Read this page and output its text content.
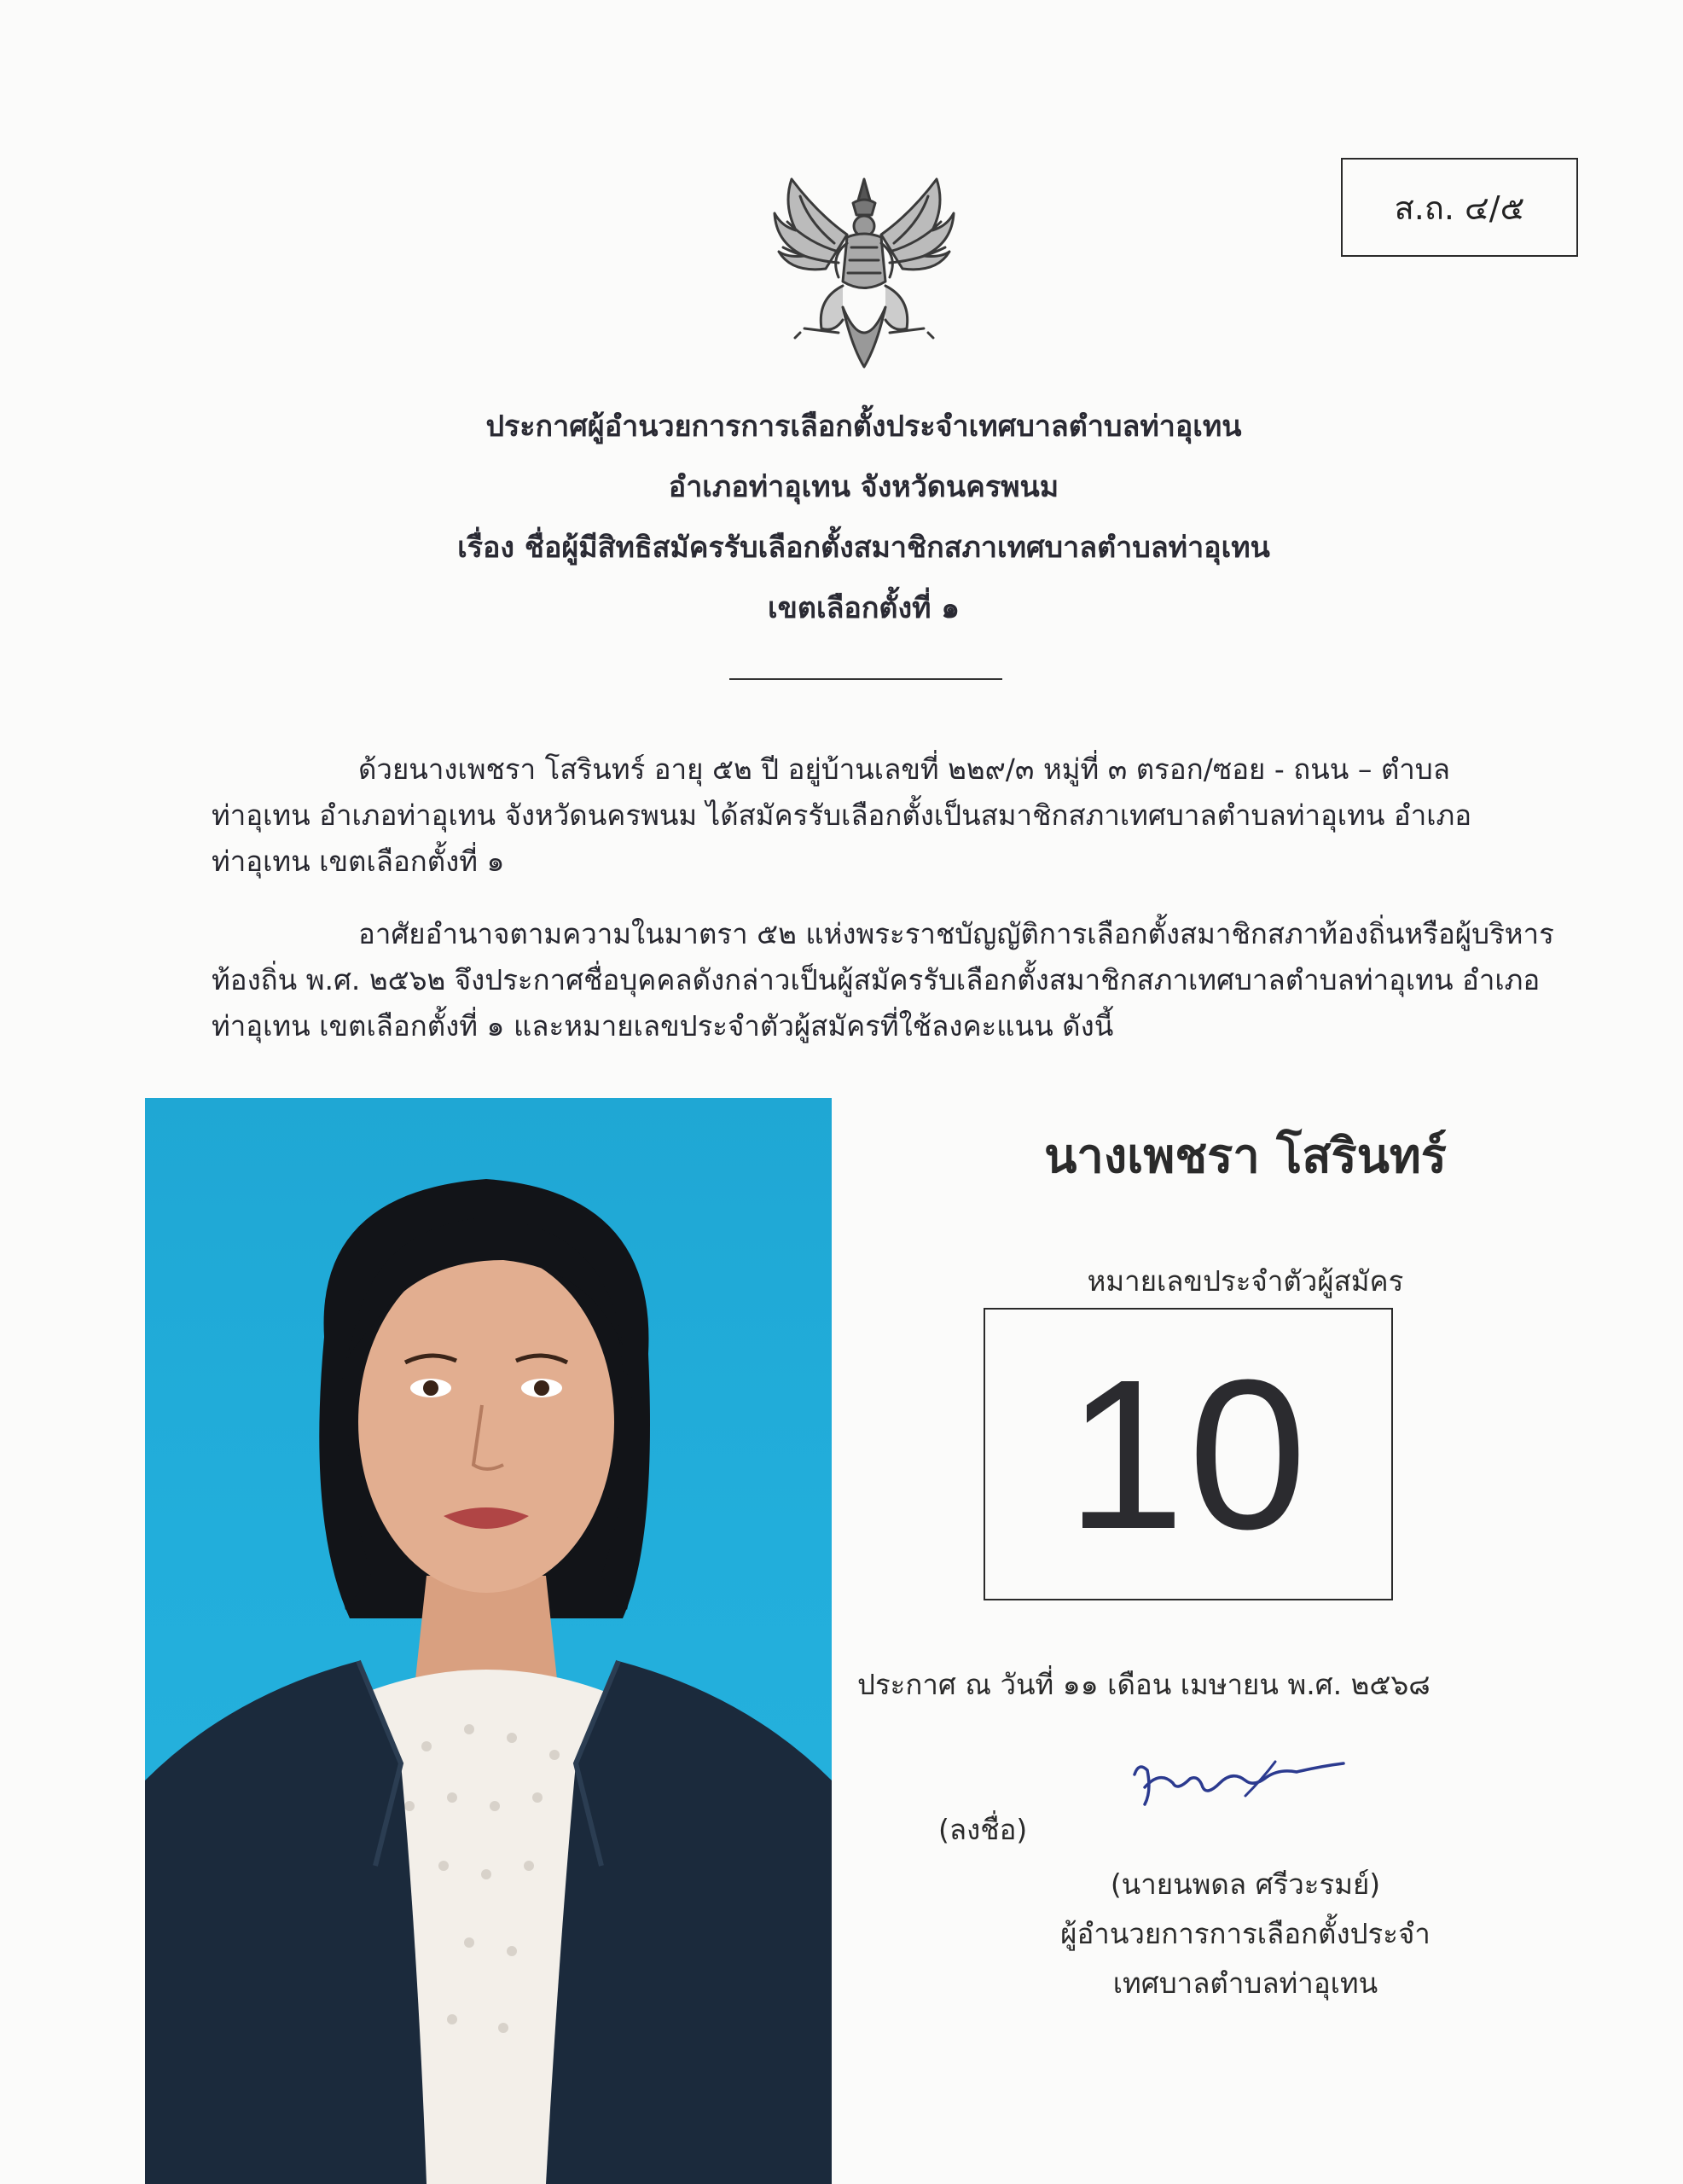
ส.ถ. ๔/๕
ประกาศผู้อำนวยการการเลือกตั้งประจำเทศบาลตำบลท่าอุเทน
อำเภอท่าอุเทน จังหวัดนครพนม
เรื่อง ชื่อผู้มีสิทธิสมัครรับเลือกตั้งสมาชิกสภาเทศบาลตำบลท่าอุเทน
เขตเลือกตั้งที่ ๑
ด้วยนางเพชรา โสรินทร์ อายุ ๕๒ ปี อยู่บ้านเลขที่ ๒๒๙/๓ หมู่ที่ ๓ ตรอก/ซอย - ถนน – ตำบล
ท่าอุเทน อำเภอท่าอุเทน จังหวัดนครพนม ได้สมัครรับเลือกตั้งเป็นสมาชิกสภาเทศบาลตำบลท่าอุเทน อำเภอ
ท่าอุเทน เขตเลือกตั้งที่ ๑
อาศัยอำนาจตามความในมาตรา ๕๒ แห่งพระราชบัญญัติการเลือกตั้งสมาชิกสภาท้องถิ่นหรือผู้บริหาร
ท้องถิ่น พ.ศ. ๒๕๖๒ จึงประกาศชื่อบุคคลดังกล่าวเป็นผู้สมัครรับเลือกตั้งสมาชิกสภาเทศบาลตำบลท่าอุเทน อำเภอ
ท่าอุเทน เขตเลือกตั้งที่ ๑ และหมายเลขประจำตัวผู้สมัครที่ใช้ลงคะแนน ดังนี้
นางเพชรา โสรินทร์
หมายเลขประจำตัวผู้สมัคร
10
ประกาศ ณ วันที่ ๑๑ เดือน เมษายน พ.ศ. ๒๕๖๘
(ลงชื่อ)
(นายนพดล ศรีวะรมย์)
ผู้อำนวยการการเลือกตั้งประจำ
เทศบาลตำบลท่าอุเทน
